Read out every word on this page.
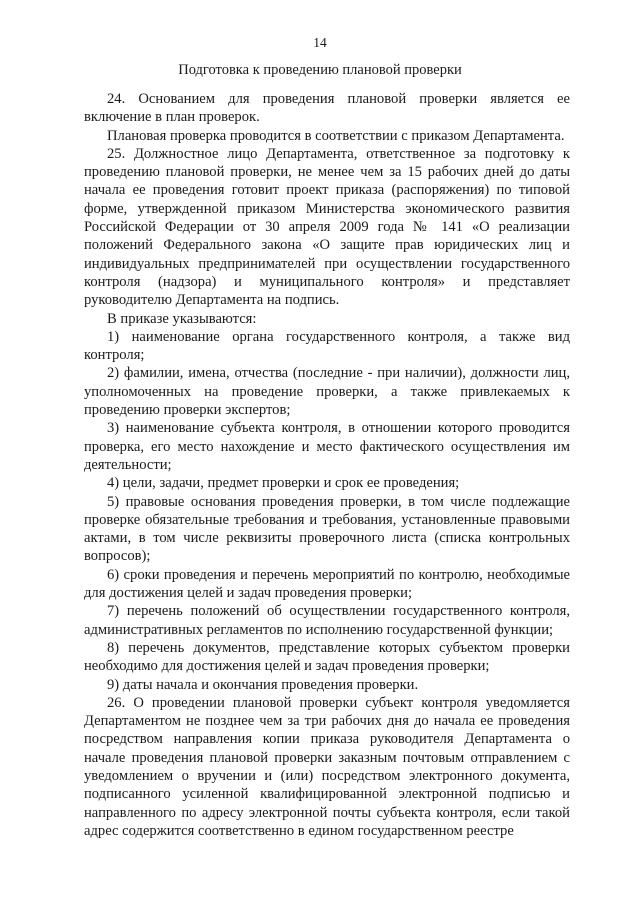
14
Подготовка к проведению плановой проверки

24. Основанием для проведения плановой проверки является ее включение в план проверок.

Плановая проверка проводится в соответствии с приказом Департамента.

25. Должностное лицо Департамента, ответственное за подготовку к проведению плановой проверки, не менее чем за 15 рабочих дней до даты начала ее проведения готовит проект приказа (распоряжения) по типовой форме, утвержденной приказом Министерства экономического развития Российской Федерации от 30 апреля 2009 года № 141 «О реализации положений Федерального закона «О защите прав юридических лиц и индивидуальных предпринимателей при осуществлении государственного контроля (надзора) и муниципального контроля» и представляет руководителю Департамента на подпись.

В приказе указываются:

1) наименование органа государственного контроля, а также вид контроля;

2) фамилии, имена, отчества (последние - при наличии), должности лиц, уполномоченных на проведение проверки, а также привлекаемых к проведению проверки экспертов;

3) наименование субъекта контроля, в отношении которого проводится проверка, его место нахождение и место фактического осуществления им деятельности;

4) цели, задачи, предмет проверки и срок ее проведения;

5) правовые основания проведения проверки, в том числе подлежащие проверке обязательные требования и требования, установленные правовыми актами, в том числе реквизиты проверочного листа (списка контрольных вопросов);

6) сроки проведения и перечень мероприятий по контролю, необходимые для достижения целей и задач проведения проверки;

7) перечень положений об осуществлении государственного контроля, административных регламентов по исполнению государственной функции;

8) перечень документов, представление которых субъектом проверки необходимо для достижения целей и задач проведения проверки;

9) даты начала и окончания проведения проверки.

26. О проведении плановой проверки субъект контроля уведомляется Департаментом не позднее чем за три рабочих дня до начала ее проведения посредством направления копии приказа руководителя Департамента о начале проведения плановой проверки заказным почтовым отправлением с уведомлением о вручении и (или) посредством электронного документа, подписанного усиленной квалифицированной электронной подписью и направленного по адресу электронной почты субъекта контроля, если такой адрес содержится соответственно в едином государственном реестре
